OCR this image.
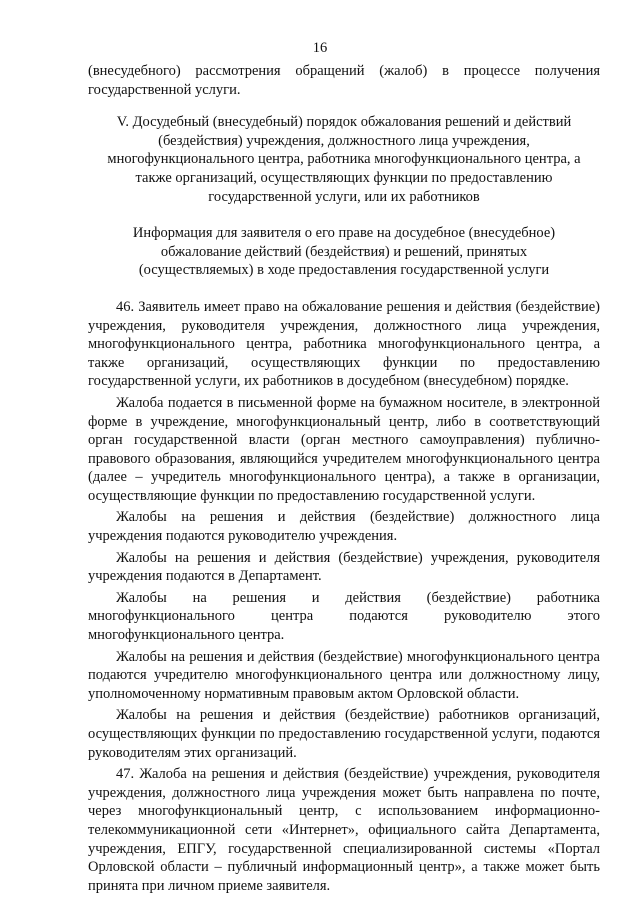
16

(внесудебного) рассмотрения обращений (жалоб) в процессе получения государственной услуги.

V. Досудебный (внесудебный) порядок обжалования решений и действий (бездействия) учреждения, должностного лица учреждения, многофункционального центра, работника многофункционального центра, а также организаций, осуществляющих функции по предоставлению государственной услуги, или их работников

Информация для заявителя о его праве на досудебное (внесудебное) обжалование действий (бездействия) и решений, принятых (осуществляемых) в ходе предоставления государственной услуги

46. Заявитель имеет право на обжалование решения и действия (бездействие) учреждения, руководителя учреждения, должностного лица учреждения, многофункционального центра, работника многофункционального центра, а также организаций, осуществляющих функции по предоставлению государственной услуги, их работников в досудебном (внесудебном) порядке.

Жалоба подается в письменной форме на бумажном носителе, в электронной форме в учреждение, многофункциональный центр, либо в соответствующий орган государственной власти (орган местного самоуправления) публично-правового образования, являющийся учредителем многофункционального центра (далее – учредитель многофункционального центра), а также в организации, осуществляющие функции по предоставлению государственной услуги.

Жалобы на решения и действия (бездействие) должностного лица учреждения подаются руководителю учреждения.

Жалобы на решения и действия (бездействие) учреждения, руководителя учреждения подаются в Департамент.

Жалобы на решения и действия (бездействие) работника многофункционального центра подаются руководителю этого многофункционального центра.

Жалобы на решения и действия (бездействие) многофункционального центра подаются учредителю многофункционального центра или должностному лицу, уполномоченному нормативным правовым актом Орловской области.

Жалобы на решения и действия (бездействие) работников организаций, осуществляющих функции по предоставлению государственной услуги, подаются руководителям этих организаций.

47. Жалоба на решения и действия (бездействие) учреждения, руководителя учреждения, должностного лица учреждения может быть направлена по почте, через многофункциональный центр, с использованием информационно-телекоммуникационной сети «Интернет», официального сайта Департамента, учреждения, ЕПГУ, государственной специализированной системы «Портал Орловской области – публичный информационный центр», а также может быть принята при личном приеме заявителя.
